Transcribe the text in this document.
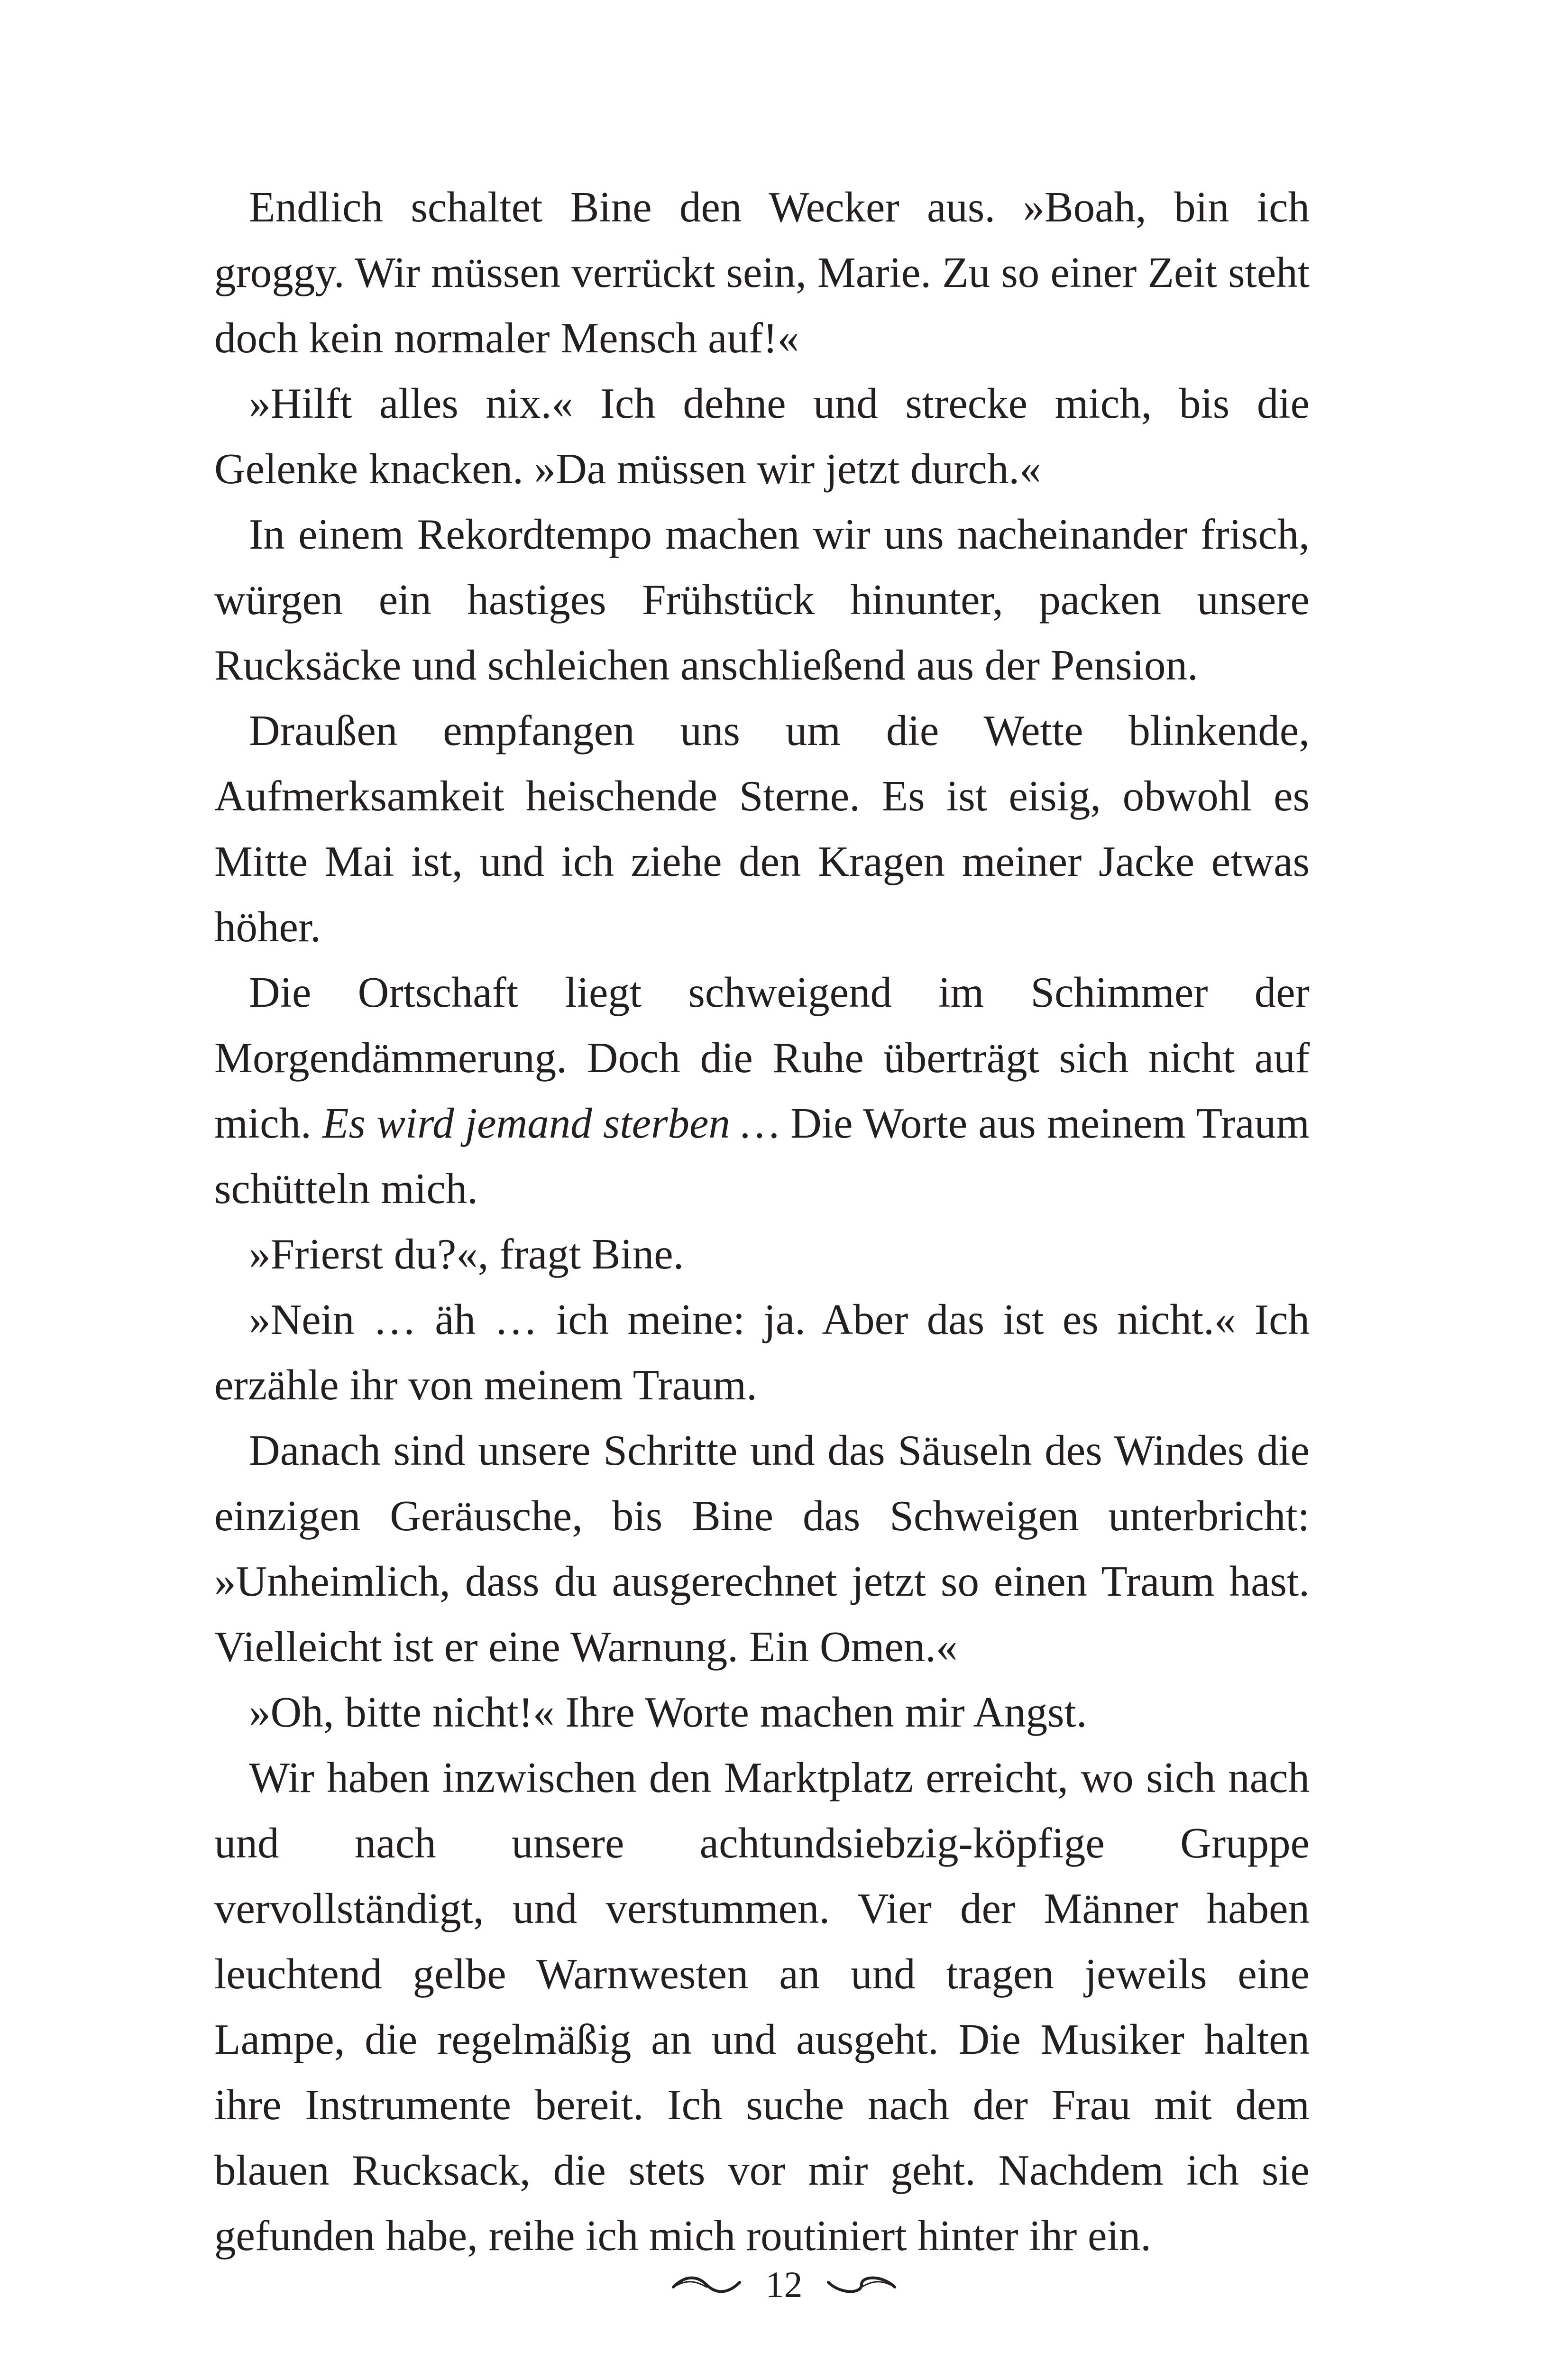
Endlich schaltet Bine den Wecker aus. »Boah, bin ich groggy. Wir müssen verrückt sein, Marie. Zu so einer Zeit steht doch kein normaler Mensch auf!«

»Hilft alles nix.« Ich dehne und strecke mich, bis die Gelenke knacken. »Da müssen wir jetzt durch.«

In einem Rekordtempo machen wir uns nacheinander frisch, würgen ein hastiges Frühstück hinunter, packen unsere Rucksäcke und schleichen anschließend aus der Pension.

Draußen empfangen uns um die Wette blinkende, Aufmerksamkeit heischende Sterne. Es ist eisig, obwohl es Mitte Mai ist, und ich ziehe den Kragen meiner Jacke etwas höher.

Die Ortschaft liegt schweigend im Schimmer der Morgendämmerung. Doch die Ruhe überträgt sich nicht auf mich. Es wird jemand sterben … Die Worte aus meinem Traum schütteln mich.

»Frierst du?«, fragt Bine.

»Nein … äh … ich meine: ja. Aber das ist es nicht.« Ich erzähle ihr von meinem Traum.

Danach sind unsere Schritte und das Säuseln des Windes die einzigen Geräusche, bis Bine das Schweigen unterbricht: »Unheimlich, dass du ausgerechnet jetzt so einen Traum hast. Vielleicht ist er eine Warnung. Ein Omen.«

»Oh, bitte nicht!« Ihre Worte machen mir Angst.

Wir haben inzwischen den Marktplatz erreicht, wo sich nach und nach unsere achtundsiebzig-köpfige Gruppe vervollständigt, und verstummen. Vier der Männer haben leuchtend gelbe Warnwesten an und tragen jeweils eine Lampe, die regelmäßig an und ausgeht. Die Musiker halten ihre Instrumente bereit. Ich suche nach der Frau mit dem blauen Rucksack, die stets vor mir geht. Nachdem ich sie gefunden habe, reihe ich mich routiniert hinter ihr ein.

12
